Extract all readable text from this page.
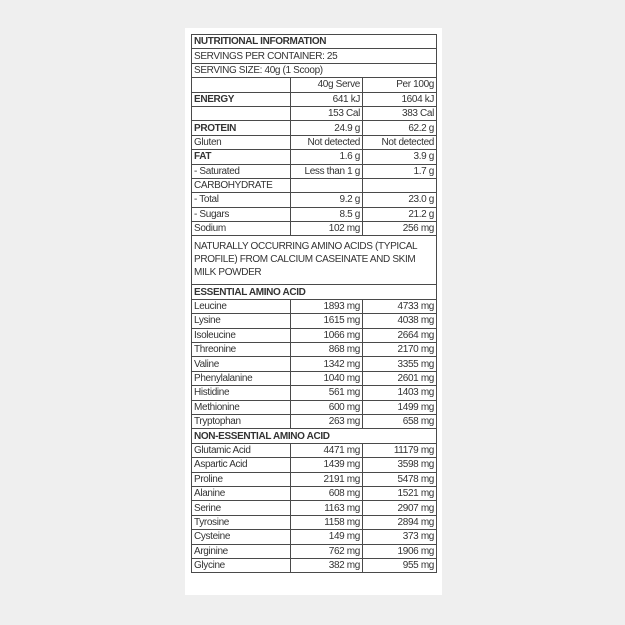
NUTRITIONAL INFORMATION		
SERVINGS PER CONTAINER: 25		
SERVING SIZE: 40g (1 Scoop)		
	40g Serve	Per 100g
ENERGY	641 kJ	1604 kJ
	153 Cal	383 Cal
PROTEIN	24.9 g	62.2 g
Gluten	Not detected	Not detected
FAT	1.6 g	3.9 g
- Saturated	Less than 1 g	1.7 g
CARBOHYDRATE		
- Total	9.2 g	23.0 g
- Sugars	8.5 g	21.2 g
Sodium	102 mg	256 mg
NATURALLY OCCURRING AMINO ACIDS (TYPICAL PROFILE) FROM CALCIUM CASEINATE AND SKIM MILK POWDER		
ESSENTIAL AMINO ACID		
Leucine	1893 mg	4733 mg
Lysine	1615 mg	4038 mg
Isoleucine	1066 mg	2664 mg
Threonine	868 mg	2170 mg
Valine	1342 mg	3355 mg
Phenylalanine	1040 mg	2601 mg
Histidine	561 mg	1403 mg
Methionine	600 mg	1499 mg
Tryptophan	263 mg	658 mg
NON-ESSENTIAL AMINO ACID		
Glutamic Acid	4471 mg	11179 mg
Aspartic Acid	1439 mg	3598 mg
Proline	2191 mg	5478 mg
Alanine	608 mg	1521 mg
Serine	1163 mg	2907 mg
Tyrosine	1158 mg	2894 mg
Cysteine	149 mg	373 mg
Arginine	762 mg	1906 mg
Glycine	382 mg	955 mg
